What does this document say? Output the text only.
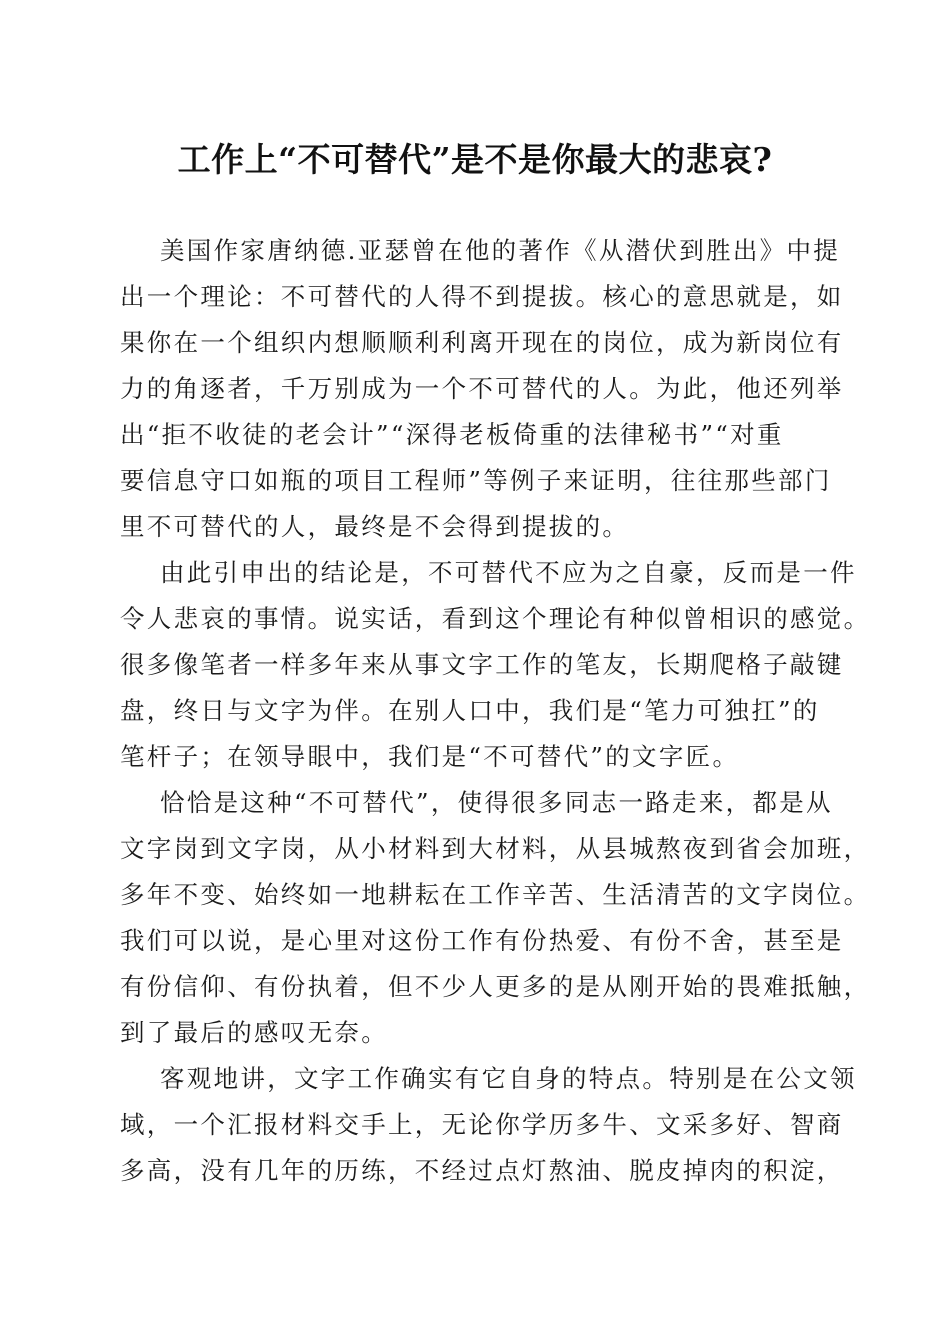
工作上“不可替代”是不是你最大的悲哀?

美国作家唐纳德.亚瑟曾在他的著作《从潜伏到胜出》中提
出一个理论：不可替代的人得不到提拔。核心的意思就是，如
果你在一个组织内想顺顺利利离开现在的岗位，成为新岗位有
力的角逐者，千万别成为一个不可替代的人。为此，他还列举
出“拒不收徒的老会计”“深得老板倚重的法律秘书”“对重
要信息守口如瓶的项目工程师”等例子来证明，往往那些部门
里不可替代的人，最终是不会得到提拔的。

由此引申出的结论是，不可替代不应为之自豪，反而是一件
令人悲哀的事情。说实话，看到这个理论有种似曾相识的感觉。
很多像笔者一样多年来从事文字工作的笔友，长期爬格子敲键
盘，终日与文字为伴。在别人口中，我们是“笔力可独扛”的
笔杆子；在领导眼中，我们是“不可替代”的文字匠。

恰恰是这种“不可替代”，使得很多同志一路走来，都是从
文字岗到文字岗，从小材料到大材料，从县城熬夜到省会加班，
多年不变、始终如一地耕耘在工作辛苦、生活清苦的文字岗位。
我们可以说，是心里对这份工作有份热爱、有份不舍，甚至是
有份信仰、有份执着，但不少人更多的是从刚开始的畏难抵触，
到了最后的感叹无奈。

客观地讲，文字工作确实有它自身的特点。特别是在公文领
域，一个汇报材料交手上，无论你学历多牛、文采多好、智商
多高，没有几年的历练，不经过点灯熬油、脱皮掉肉的积淀，
